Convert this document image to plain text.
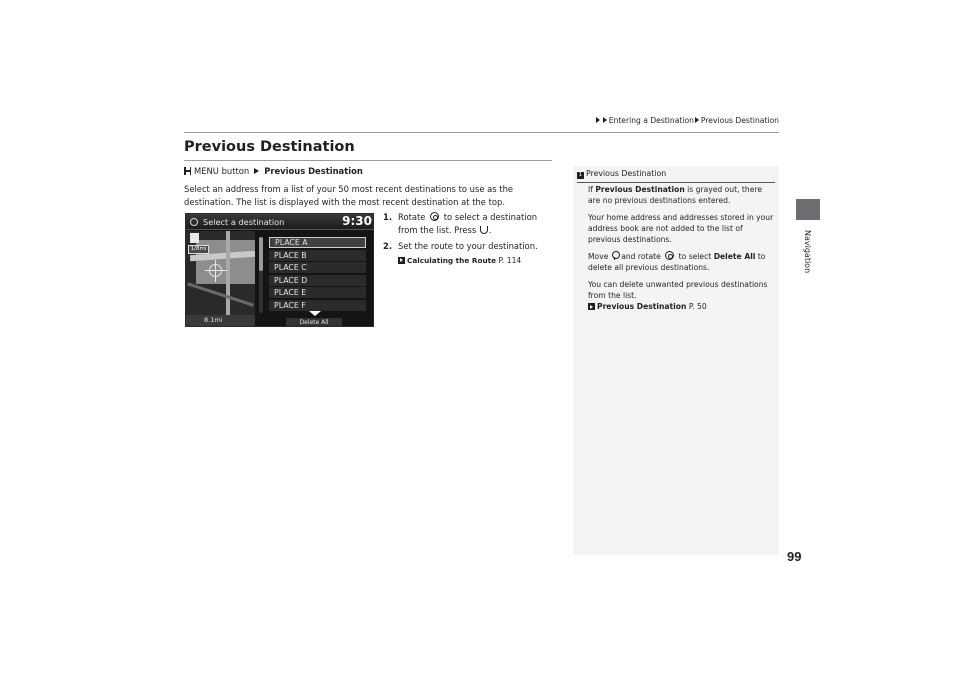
Entering a Destination Previous Destination
Navigation
99
Previous Destination
MENU button Previous Destination

Select an address from a list of your 50 most recent destinations to use as the destination. The list is displayed with the most recent destination at the top.

Select a destination	9:30
1/8mi
8.1mi
PLACE A
PLACE B
PLACE C
PLACE D
PLACE E
PLACE F
Delete All
1. Rotate to select a destination from the list. Press .
2. Set the route to your destination.
Calculating the Route P. 114
1 Previous Destination

If Previous Destination is grayed out, there are no previous destinations entered.

Your home address and addresses stored in your address book are not added to the list of previous destinations.

Move and rotate to select Delete All to delete all previous destinations.

You can delete unwanted previous destinations from the list.
Previous Destination P. 50
